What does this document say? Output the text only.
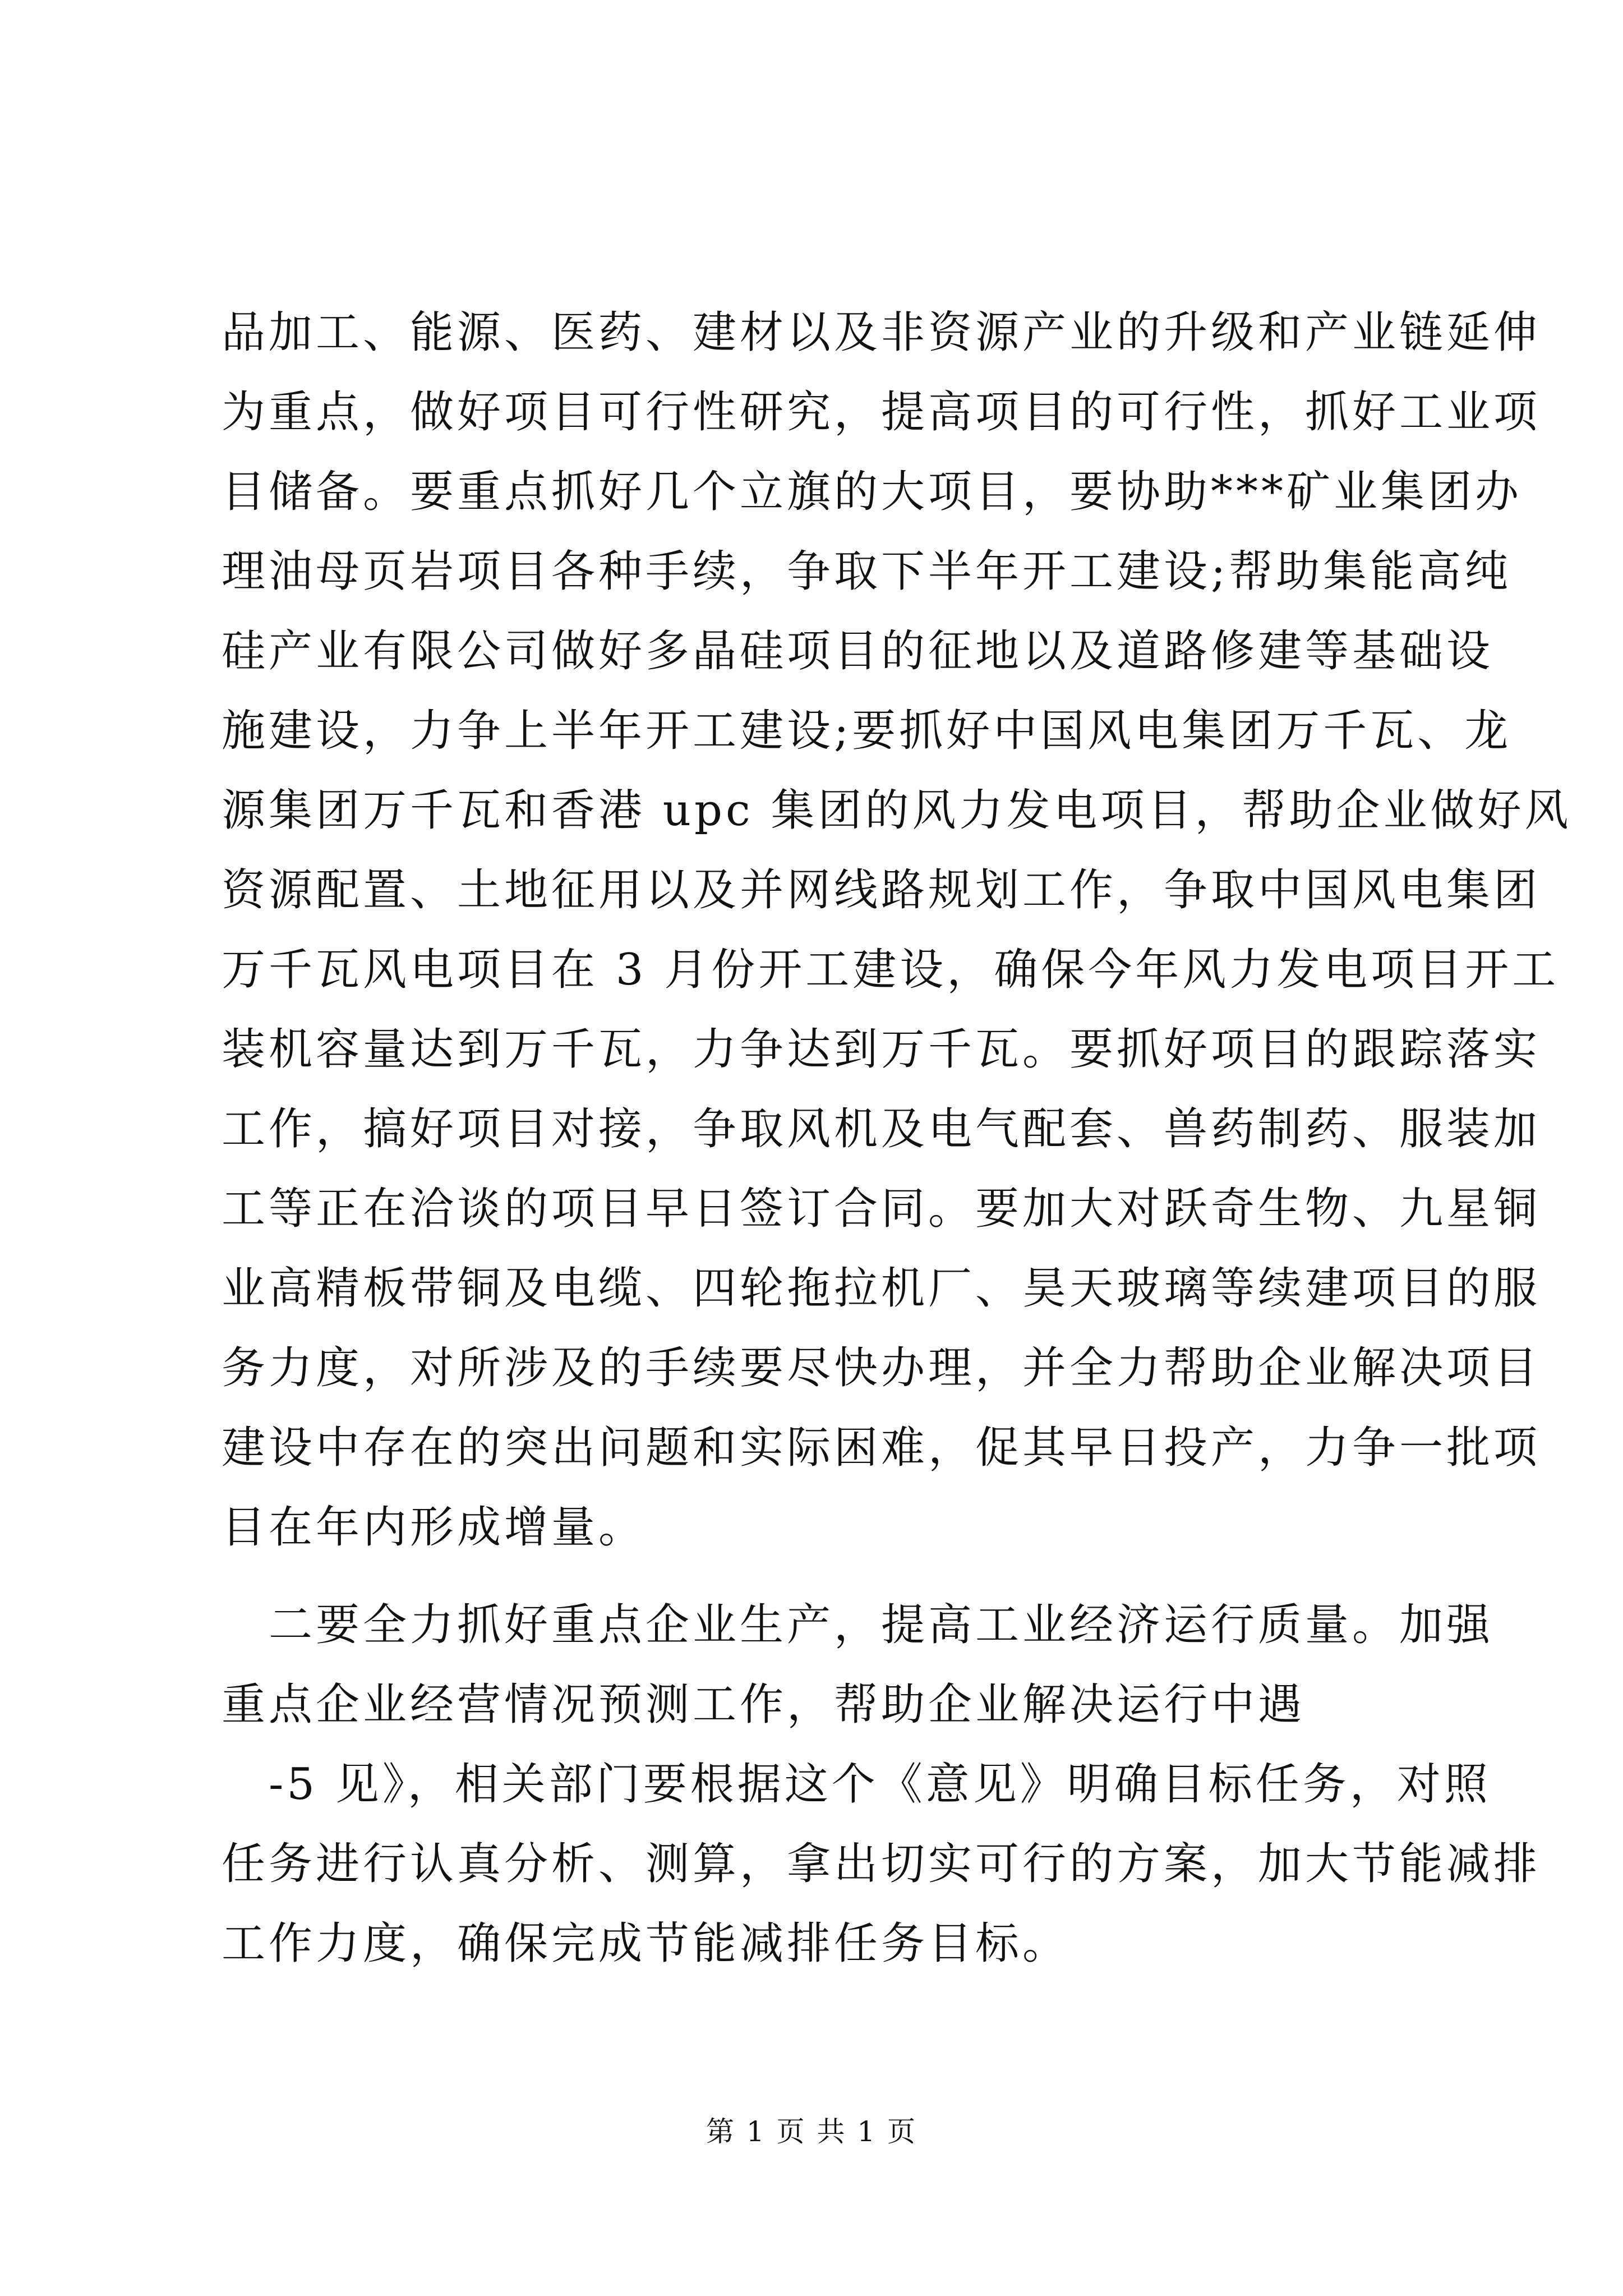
品加工、能源、医药、建材以及非资源产业的升级和产业链延伸
为重点，做好项目可行性研究，提高项目的可行性，抓好工业项
目储备。要重点抓好几个立旗的大项目，要协助***矿业集团办
理油母页岩项目各种手续，争取下半年开工建设;帮助集能高纯
硅产业有限公司做好多晶硅项目的征地以及道路修建等基础设
施建设，力争上半年开工建设;要抓好中国风电集团万千瓦、龙
源集团万千瓦和香港 upc 集团的风力发电项目，帮助企业做好风
资源配置、土地征用以及并网线路规划工作，争取中国风电集团
万千瓦风电项目在 3 月份开工建设，确保今年风力发电项目开工
装机容量达到万千瓦，力争达到万千瓦。要抓好项目的跟踪落实
工作，搞好项目对接，争取风机及电气配套、兽药制药、服装加
工等正在洽谈的项目早日签订合同。要加大对跃奇生物、九星铜
业高精板带铜及电缆、四轮拖拉机厂、昊天玻璃等续建项目的服
务力度，对所涉及的手续要尽快办理，并全力帮助企业解决项目
建设中存在的突出问题和实际困难，促其早日投产，力争一批项
目在年内形成增量。
　二要全力抓好重点企业生产，提高工业经济运行质量。加强
重点企业经营情况预测工作，帮助企业解决运行中遇
　-5 见》，相关部门要根据这个《意见》明确目标任务，对照
任务进行认真分析、测算，拿出切实可行的方案，加大节能减排
工作力度，确保完成节能减排任务目标。
第 1 页 共 1 页
